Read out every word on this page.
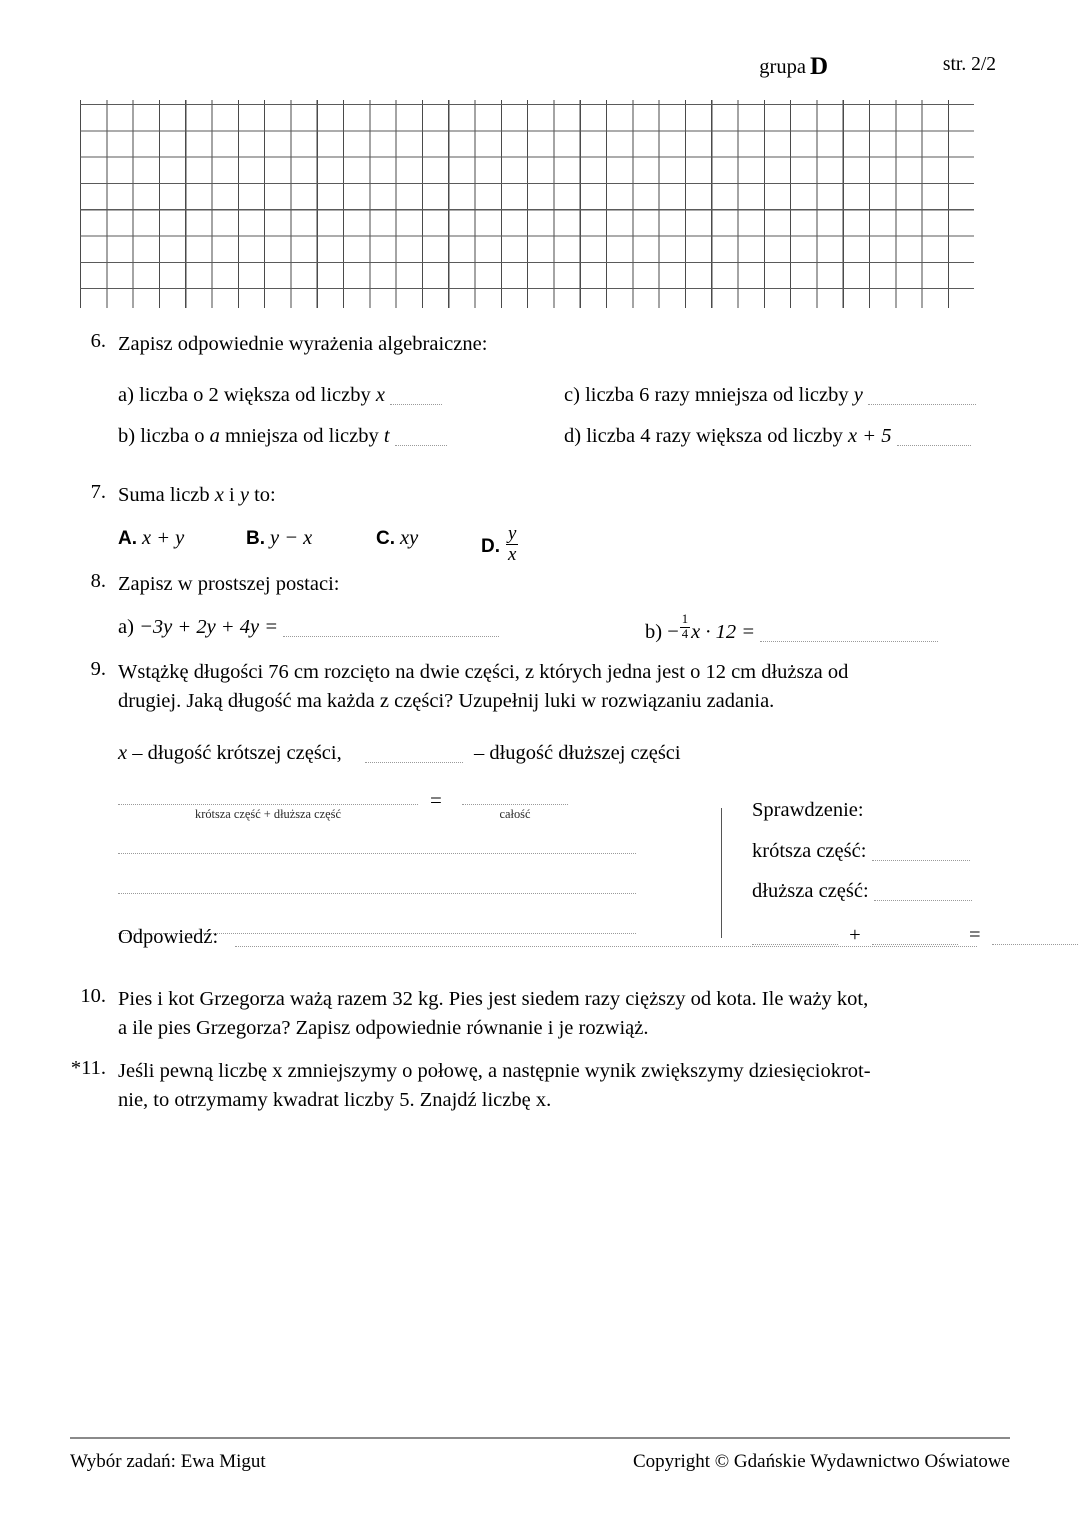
grupa D	str. 2/2
6. Zapisz odpowiednie wyrażenia algebraiczne:
a) liczba o 2 większa od liczby x	c) liczba 6 razy mniejsza od liczby y
b) liczba o a mniejsza od liczby t	d) liczba 4 razy większa od liczby x + 5
7. Suma liczb x i y to:
A. x + y	B. y − x	C. xy	D. $\frac{y}{x}$
8. Zapisz w prostszej postaci:
a) −3y + 2y + 4y =	$b) - \frac{1}{4}$ x · 12 =
9. Wstążkę długości 76 cm rozcięto na dwie części, z których jedna jest o 12 cm dłuższa od
drugiej. Jaką długość ma każda z części? Uzupełnij luki w rozwiązaniu zadania.
x – długość krótszej części,	– długość dłuższej części
=
krótsza część + dłuższa część	całość	Sprawdzenie:
krótsza część:
dłuższa część:
+	=
Odpowiedź:
10. Pies i kot Grzegorza ważą razem 32 kg. Pies jest siedem razy cięższy od kota. Ile waży kot,
a ile pies Grzegorza? Zapisz odpowiednie równanie i je rozwiąż.
*11. Jeśli pewną liczbę x zmniejszymy o połowę, a następnie wynik zwiększymy dziesięciokrot-
nie, to otrzymamy kwadrat liczby 5. Znajdź liczbę x.
Wybór zadań: Ewa Migut	Copyright © Gdańskie Wydawnictwo Oświatowe
